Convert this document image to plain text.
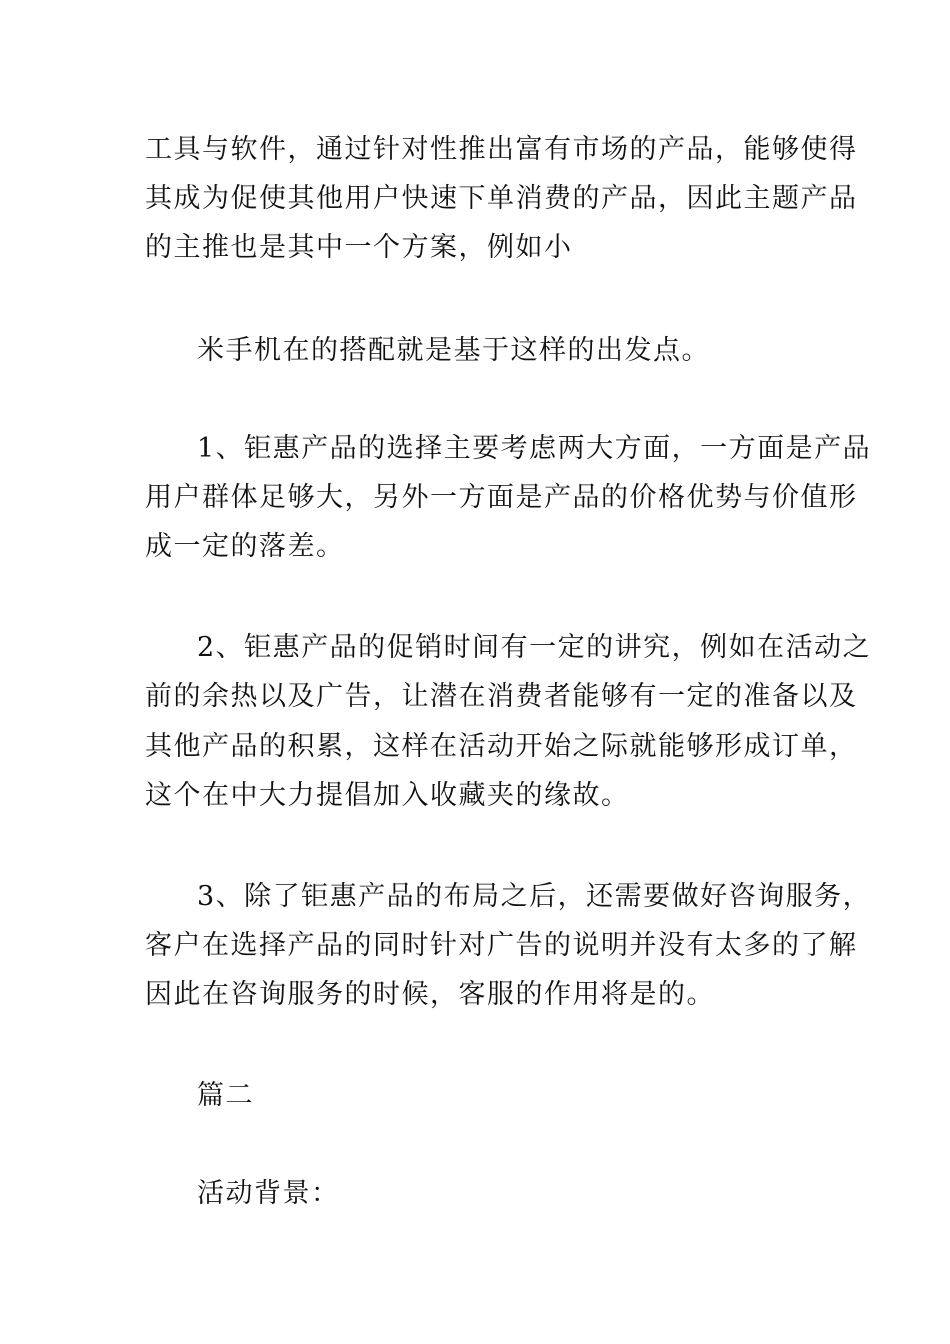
工具与软件，通过针对性推出富有市场的产品，能够使得
其成为促使其他用户快速下单消费的产品，因此主题产品
的主推也是其中一个方案，例如小
米手机在的搭配就是基于这样的出发点。
1、钜惠产品的选择主要考虑两大方面，一方面是产品
用户群体足够大，另外一方面是产品的价格优势与价值形
成一定的落差。
2、钜惠产品的促销时间有一定的讲究，例如在活动之
前的余热以及广告，让潜在消费者能够有一定的准备以及
其他产品的积累，这样在活动开始之际就能够形成订单，
这个在中大力提倡加入收藏夹的缘故。
3、除了钜惠产品的布局之后，还需要做好咨询服务，
客户在选择产品的同时针对广告的说明并没有太多的了解
因此在咨询服务的时候，客服的作用将是的。
篇二
活动背景：
